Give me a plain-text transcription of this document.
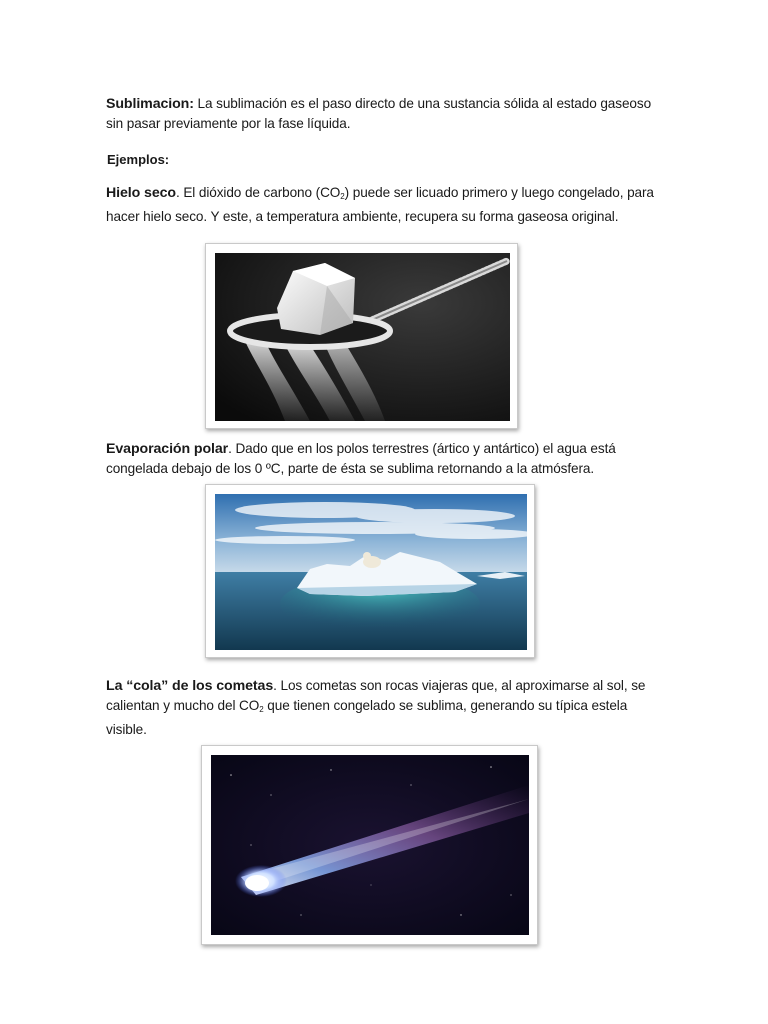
Sublimacion: La sublimación es el paso directo de una sustancia sólida al estado gaseoso sin pasar previamente por la fase líquida.
Ejemplos:
Hielo seco. El dióxido de carbono $(CO_2)$ puede ser licuado primero y luego congelado, para hacer hielo seco. Y este, a temperatura ambiente, recupera su forma gaseosa original.
Evaporación polar. Dado que en los polos terrestres (ártico y antártico) el agua está congelada debajo de los 0 ºC, parte de ésta se sublima retornando a la atmósfera.
La “cola” de los cometas. Los cometas son rocas viajeras que, al aproximarse al sol, se calientan y mucho del $CO_2$ que tienen congelado se sublima, generando su típica estela visible.
